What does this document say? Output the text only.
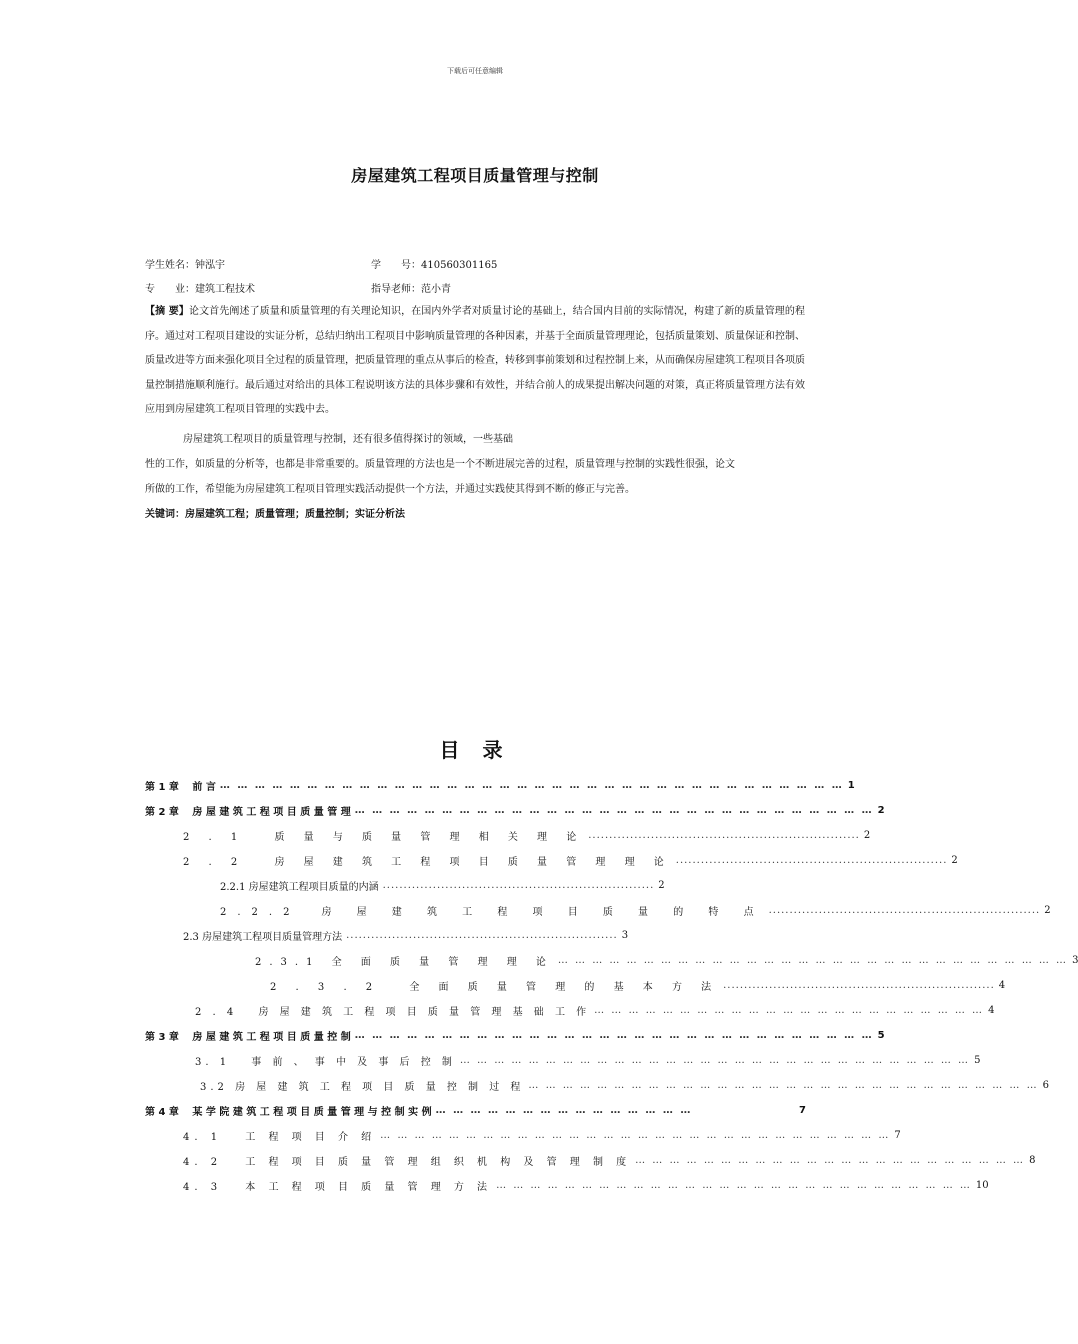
下载后可任意编辑
房屋建筑工程项目质量管理与控制
学生姓名：钟泓宇	学　　号：410560301165
专　　业：建筑工程技术	指导老师：范小青
【摘 要】论文首先阐述了质量和质量管理的有关理论知识，在国内外学者对质量讨论的基础上，结合国内目前的实际情况，构建了新的质量管理的程序。通过对工程项目建设的实证分析，总结归纳出工程项目中影响质量管理的各种因素，并基于全面质量管理理论，包括质量策划、质量保证和控制、质量改进等方面来强化项目全过程的质量管理，把质量管理的重点从事后的检查，转移到事前策划和过程控制上来，从而确保房屋建筑工程项目各项质量控制措施顺利施行。最后通过对给出的具体工程说明该方法的具体步骤和有效性，并结合前人的成果提出解决问题的对策，真正将质量管理方法有效应用到房屋建筑工程项目管理的实践中去。
房屋建筑工程项目的质量管理与控制，还有很多值得探讨的领域，一些基础
性的工作，如质量的分析等，也都是非常重要的。质量管理的方法也是一个不断进展完善的过程，质量管理与控制的实践性很强，论文
所做的工作，希望能为房屋建筑工程项目管理实践活动提供一个方法，并通过实践使其得到不断的修正与完善。
关键词：房屋建筑工程；质量管理；质量控制；实证分析法
目 录
第 1 章　 前 言 … … … … … … … … … … … … … … … … … … … … … … … … … … … … … … … … … … … … 1
第 2 章　 房 屋 建 筑 工 程 项 目 质 量 管 理 … … … … … … … … … … … … … … … … … … … … … … … … … … … … … … 2
2 . 1　 质 量 与 质 量 管 理 相 关 理 论 ................................................................. 2
2 . 2　 房 屋 建 筑 工 程 项 目 质 量 管 理 理 论 ................................................................. 2
2.2.1 房屋建筑工程项目质量的内涵 ................................................................. 2
2.2.2　房 屋 建 筑 工 程 项 目 质 量 的 特 点 ................................................................. 2
2.3 房屋建筑工程项目质量管理方法 ................................................................. 3
2.3.1 全 面 质 量 管 理 理 论 … … … … … … … … … … … … … … … … … … … … … … … … … … … … … … 3
2 . 3 . 2　 全 面 质 量 管 理 的 基 本 方 法 ................................................................. 4
2 . 4　 房 屋 建 筑 工 程 项 目 质 量 管 理 基 础 工 作 … … … … … … … … … … … … … … … … … … … … … … … 4
第 3 章　 房 屋 建 筑 工 程 项 目 质 量 控 制 … … … … … … … … … … … … … … … … … … … … … … … … … … … … … … 5
3. 1　 事 前 、 事 中 及 事 后 控 制 … … … … … … … … … … … … … … … … … … … … … … … … … … … … … … 5
3.2 房 屋 建 筑 工 程 项 目 质 量 控 制 过 程 … … … … … … … … … … … … … … … … … … … … … … … … … … … … … … 6
第 4 章　 某 学 院 建 筑 工 程 项 目 质 量 管 理 与 控 制 实 例 … … … … … … … … … … … … … … …	7
4. 1　 工 程 项 目 介 绍 … … … … … … … … … … … … … … … … … … … … … … … … … … … … … … 7
4. 2　 工 程 项 目 质 量 管 理 组 织 机 构 及 管 理 制 度 … … … … … … … … … … … … … … … … … … … … … … … 8
4. 3　 本 工 程 项 目 质 量 管 理 方 法 … … … … … … … … … … … … … … … … … … … … … … … … … … … … 10
